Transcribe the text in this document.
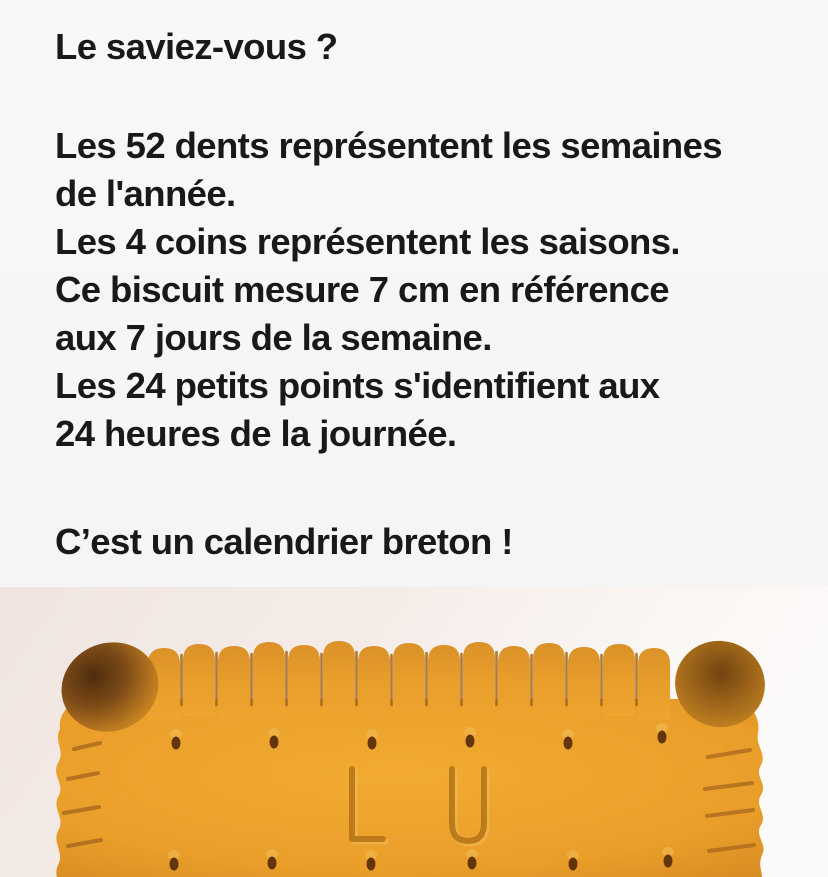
Le saviez-vous ?
Les 52 dents représentent les semaines
de l'année.
Les 4 coins représentent les saisons.
Ce biscuit mesure 7 cm en référence
aux 7 jours de la semaine.
Les 24 petits points s'identifient aux
24 heures de la journée.
C’est un calendrier breton !
